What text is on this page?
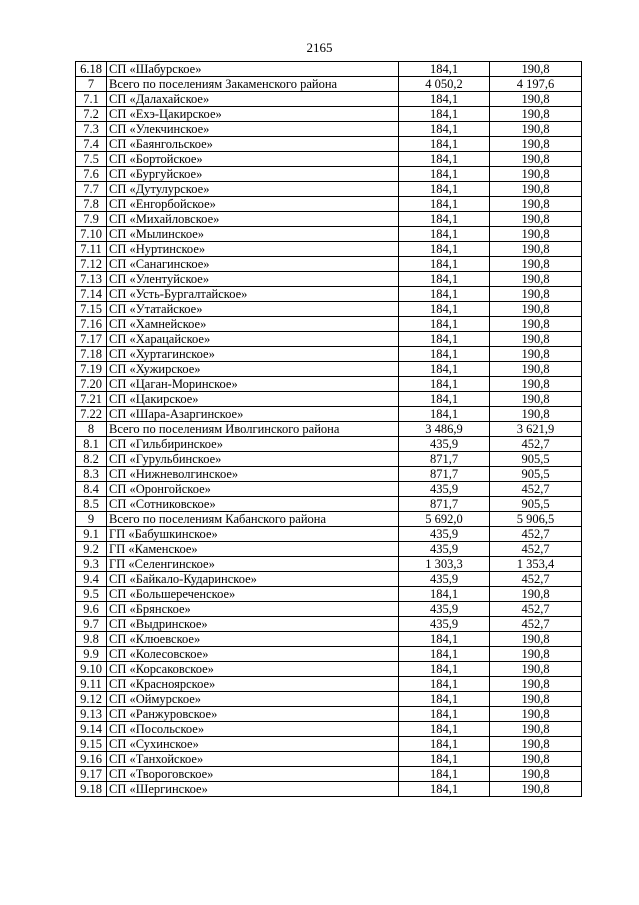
2165
6.18	СП «Шабурское»	184,1	190,8
7	Всего по поселениям Закаменского района	4 050,2	4 197,6
7.1	СП «Далахайское»	184,1	190,8
7.2	СП «Ехэ-Цакирское»	184,1	190,8
7.3	СП «Улекчинское»	184,1	190,8
7.4	СП «Баянгольское»	184,1	190,8
7.5	СП «Бортойское»	184,1	190,8
7.6	СП «Бургуйское»	184,1	190,8
7.7	СП «Дутулурское»	184,1	190,8
7.8	СП «Енгорбойское»	184,1	190,8
7.9	СП «Михайловское»	184,1	190,8
7.10	СП «Мылинское»	184,1	190,8
7.11	СП «Нуртинское»	184,1	190,8
7.12	СП «Санагинское»	184,1	190,8
7.13	СП «Улентуйское»	184,1	190,8
7.14	СП «Усть-Бургалтайское»	184,1	190,8
7.15	СП «Утатайское»	184,1	190,8
7.16	СП «Хамнейское»	184,1	190,8
7.17	СП «Харацайское»	184,1	190,8
7.18	СП «Хуртагинское»	184,1	190,8
7.19	СП «Хужирское»	184,1	190,8
7.20	СП «Цаган-Моринское»	184,1	190,8
7.21	СП «Цакирское»	184,1	190,8
7.22	СП «Шара-Азаргинское»	184,1	190,8
8	Всего по поселениям Иволгинского района	3 486,9	3 621,9
8.1	СП «Гильбиринское»	435,9	452,7
8.2	СП «Гурульбинское»	871,7	905,5
8.3	СП «Нижневолгинское»	871,7	905,5
8.4	СП «Оронгойское»	435,9	452,7
8.5	СП «Сотниковское»	871,7	905,5
9	Всего по поселениям Кабанского района	5 692,0	5 906,5
9.1	ГП «Бабушкинское»	435,9	452,7
9.2	ГП «Каменское»	435,9	452,7
9.3	ГП «Селенгинское»	1 303,3	1 353,4
9.4	СП «Байкало-Кударинское»	435,9	452,7
9.5	СП «Большереченское»	184,1	190,8
9.6	СП «Брянское»	435,9	452,7
9.7	СП «Выдринское»	435,9	452,7
9.8	СП «Клюевское»	184,1	190,8
9.9	СП «Колесовское»	184,1	190,8
9.10	СП «Корсаковское»	184,1	190,8
9.11	СП «Красноярское»	184,1	190,8
9.12	СП «Оймурское»	184,1	190,8
9.13	СП «Ранжуровское»	184,1	190,8
9.14	СП «Посольское»	184,1	190,8
9.15	СП «Сухинское»	184,1	190,8
9.16	СП «Танхойское»	184,1	190,8
9.17	СП «Твороговское»	184,1	190,8
9.18	СП «Шергинское»	184,1	190,8
